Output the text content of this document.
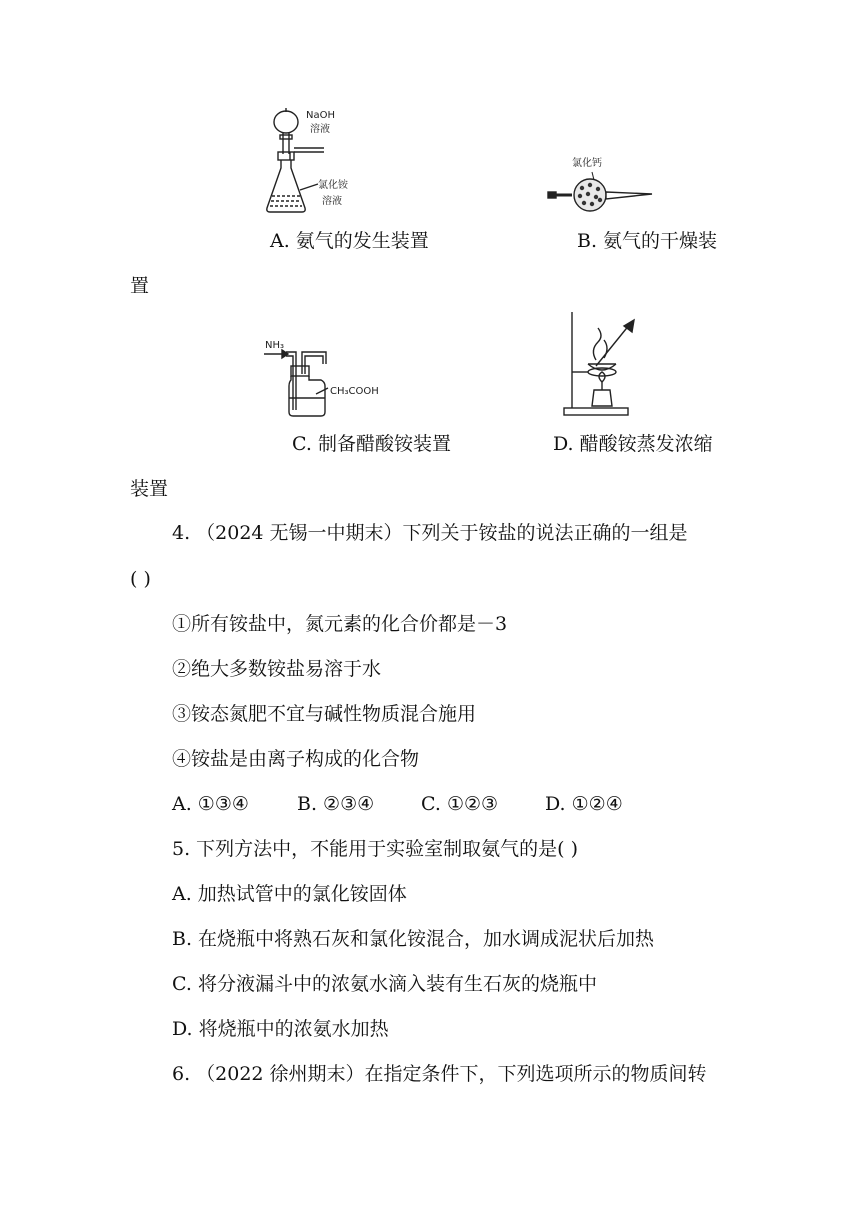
NaOH
溶液
氯化铵
溶液
氯化钙
A. 氨气的发生装置	B. 氨气的干燥装
置
NH₃
CH₃COOH
C. 制备醋酸铵装置	D. 醋酸铵蒸发浓缩
装置
4. （2024 无锡一中期末）下列关于铵盐的说法正确的一组是
( )
①所有铵盐中，氮元素的化合价都是－3
②绝大多数铵盐易溶于水
③铵态氮肥不宜与碱性物质混合施用
④铵盐是由离子构成的化合物
A. ①③④	B. ②③④ C. ①②③ D. ①②④
5. 下列方法中，不能用于实验室制取氨气的是( )
A. 加热试管中的氯化铵固体
B. 在烧瓶中将熟石灰和氯化铵混合，加水调成泥状后加热
C. 将分液漏斗中的浓氨水滴入装有生石灰的烧瓶中
D. 将烧瓶中的浓氨水加热
6. （2022 徐州期末）在指定条件下，下列选项所示的物质间转
